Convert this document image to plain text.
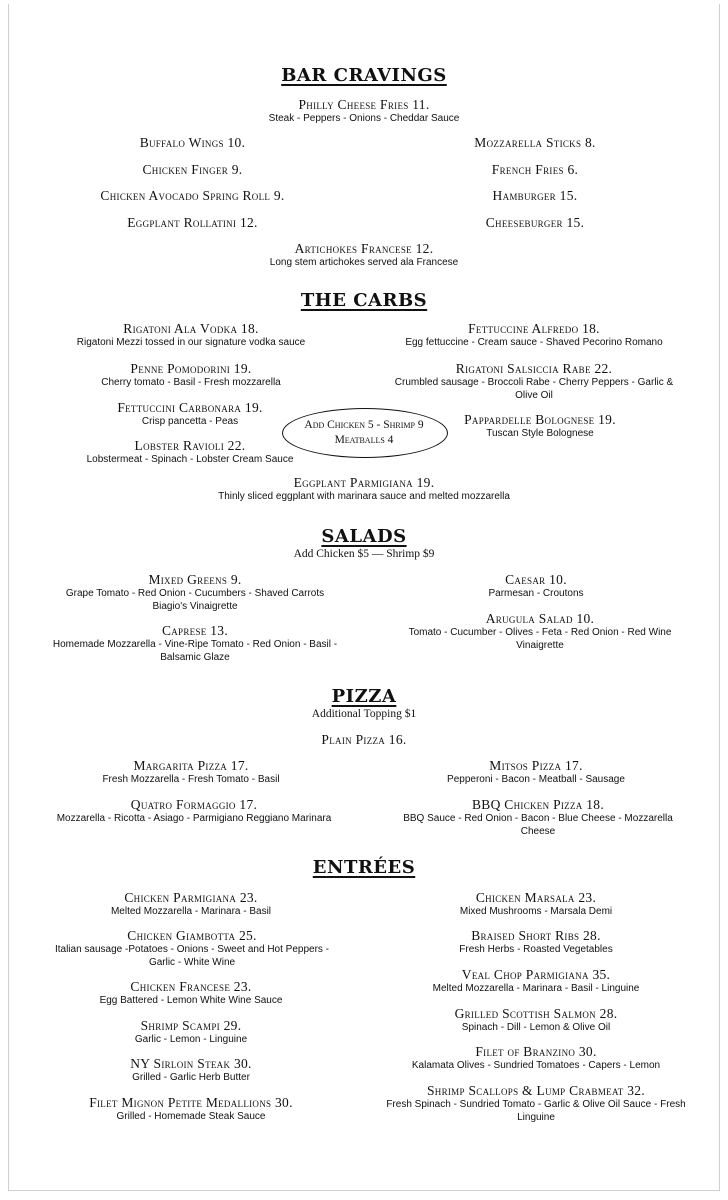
BAR CRAVINGS
Philly Cheese Fries 11.
Steak - Peppers - Onions - Cheddar Sauce
Buffalo Wings 10.
Chicken Finger 9.
Chicken Avocado Spring Roll 9.
Eggplant Rollatini 12.
Mozzarella Sticks 8.
French Fries 6.
Hamburger 15.
Cheeseburger 15.
Artichokes Francese 12.
Long stem artichokes served ala Francese
THE CARBS
Rigatoni Ala Vodka 18.
Rigatoni Mezzi tossed in our signature vodka sauce
Fettuccine Alfredo 18.
Egg fettuccine - Cream sauce - Shaved Pecorino Romano
Penne Pomodorini 19.
Cherry tomato - Basil - Fresh mozzarella
Rigatoni Salsiccia Rabe 22.
Crumbled sausage - Broccoli Rabe - Cherry Peppers - Garlic & Olive Oil
Fettuccini Carbonara 19.
Crisp pancetta - Peas	Pappardelle Bolognese 19.
Tuscan Style Bolognese
Lobster Ravioli 22.
Lobstermeat - Spinach - Lobster Cream Sauce
Add Chicken 5 - Shrimp 9
Meatballs 4
Eggplant Parmigiana 19.
Thinly sliced eggplant with marinara sauce and melted mozzarella
SALADS
Add Chicken $5 — Shrimp $9
Mixed Greens 9.
Grape Tomato - Red Onion - Cucumbers - Shaved Carrots Biagio's Vinaigrette
Caesar 10.
Parmesan - Croutons
Caprese 13.
Homemade Mozzarella - Vine-Ripe Tomato - Red Onion - Basil - Balsamic Glaze
Arugula Salad 10.
Tomato - Cucumber - Olives - Feta - Red Onion - Red Wine Vinaigrette
PIZZA
Additional Topping $1
Plain Pizza 16.
Margarita Pizza 17.
Fresh Mozzarella - Fresh Tomato - Basil
Mitsos Pizza 17.
Pepperoni - Bacon - Meatball - Sausage
Quatro Formaggio 17.
Mozzarella - Ricotta - Asiago - Parmigiano Reggiano Marinara
BBQ Chicken Pizza 18.
BBQ Sauce - Red Onion - Bacon - Blue Cheese - Mozzarella Cheese
ENTRÉES
Chicken Parmigiana 23.
Melted Mozzarella - Marinara - Basil
Chicken Marsala 23.
Mixed Mushrooms - Marsala Demi
Chicken Giambotta 25.
Italian sausage -Potatoes - Onions - Sweet and Hot Peppers - Garlic - White Wine
Braised Short Ribs 28.
Fresh Herbs - Roasted Vegetables
Chicken Francese 23.
Egg Battered - Lemon White Wine Sauce
Veal Chop Parmigiana 35.
Melted Mozzarella - Marinara - Basil - Linguine
Grilled Scottish Salmon 28.
Spinach - Dill - Lemon & Olive Oil
Shrimp Scampi 29.
Garlic - Lemon - Linguine
Filet of Branzino 30.
Kalamata Olives - Sundried Tomatoes - Capers - Lemon
NY Sirloin Steak 30.
Grilled - Garlic Herb Butter
Shrimp Scallops & Lump Crabmeat 32.
Fresh Spinach - Sundried Tomato - Garlic & Olive Oil Sauce - Fresh Linguine
Filet Mignon Petite Medallions 30.
Grilled - Homemade Steak Sauce
